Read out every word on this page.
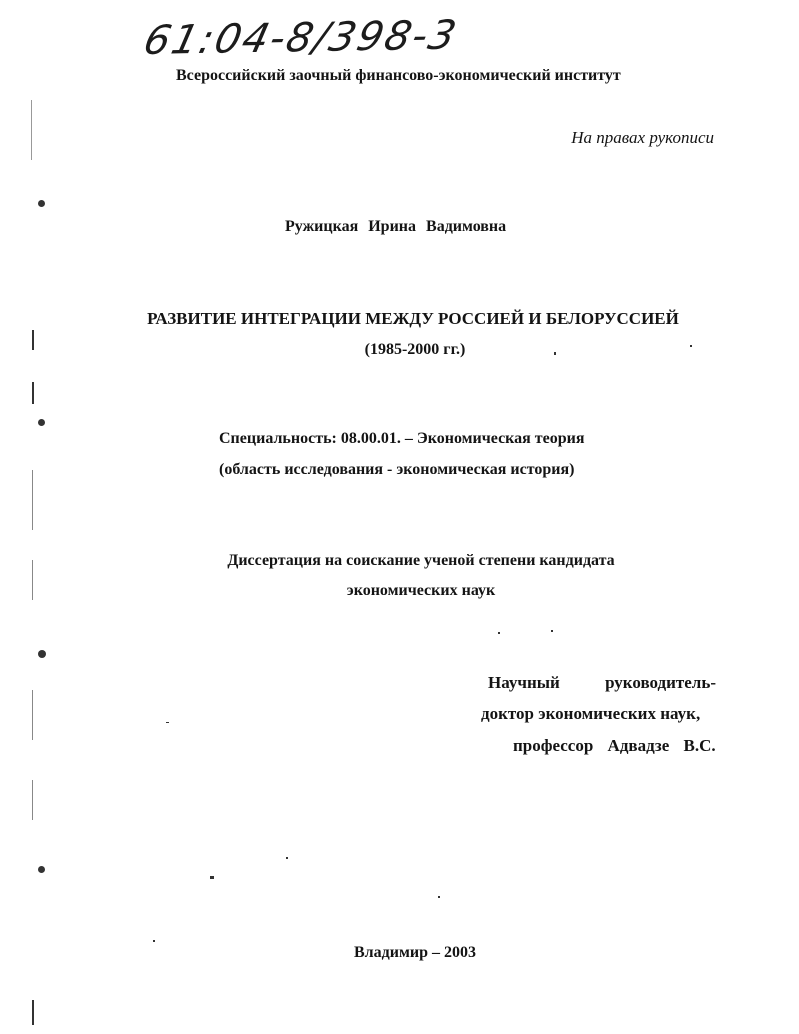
61:04-8/398-3
Всероссийский заочный финансово-экономический институт
На правах рукописи
Ружицкая Ирина Вадимовна
РАЗВИТИЕ ИНТЕГРАЦИИ МЕЖДУ РОССИЕЙ И БЕЛОРУССИЕЙ
(1985-2000 гг.)
Специальность: 08.00.01. – Экономическая теория
(область исследования - экономическая история)
Диссертация на соискание ученой степени кандидата
экономических наук
Научный	руководитель-
доктор экономических наук,
профессор Адвадзе В.С.
Владимир – 2003
